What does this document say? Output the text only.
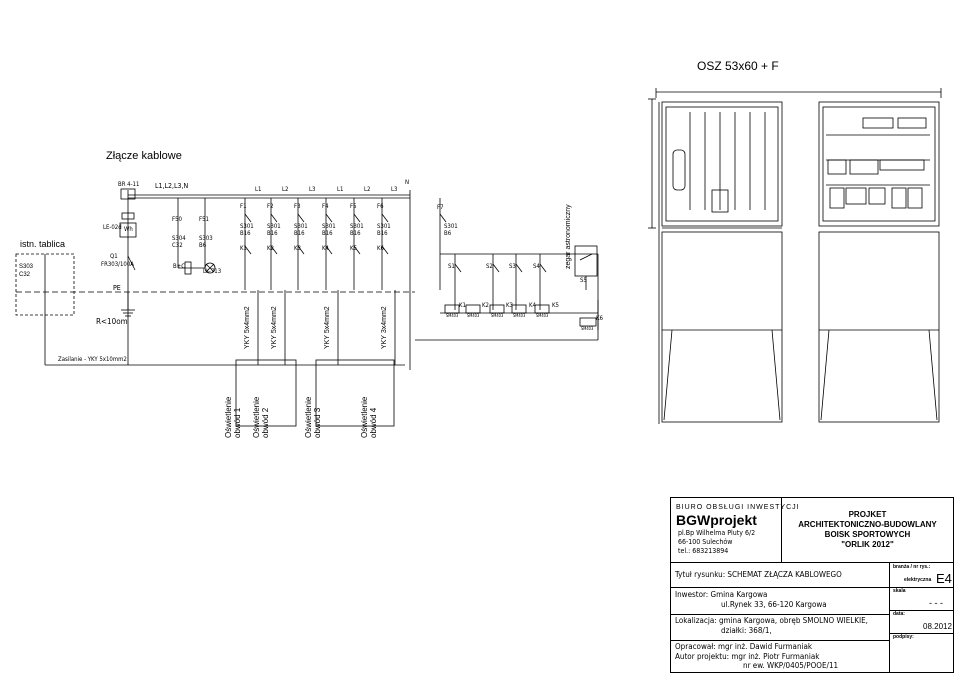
OSZ 53x60 + F
Złącze kablowe
istn. tablica
S303
C32
L1,L2,L3,N
BR 4-11
LE-02d Wh
Q1
FR303/100A
PE
R<10om
Zasilanie - YKY 5x10mm2
F50
S304
C32
F51
S303
B6
B+C
LK-713
L1	L2	L3	L1	L2	L3
N
F1
S301
B16
K1
F2
S301
B16
K2
F3
S301
B16
K3
F4
S301
B16
K4
F5
S301
B16
K5
F6
S301
B16
K6
F7
S301
B6
S1	S2	S3	S4
S5
zegar astronomiczny
K1
SM403
K2
SM403
K3
SM403
K4
SM403
K5
SM403	K6
SM403
YKY 5x4mm2	YKY 5x4mm2	YKY 5x4mm2	YKY 3x4mm2
Oświetlenie obwód 1 Oświetlenie obwód 2	Oświetlenie obwód 3	Oświetlenie obwód 4
BIURO OBSŁUGI INWESTYCJI
BGWprojekt
pl.Bp Wilhelma Pluty 6/2
66-100 Sulechów
tel.: 683213894
PROJKET
ARCHITEKTONICZNO-BUDOWLANY
BOISK SPORTOWYCH
"ORLIK 2012"
Tytuł rysunku: SCHEMAT ZŁĄCZA KABLOWEGO
Inwestor: Gmina Kargowa
ul.Rynek 33, 66-120 Kargowa
Lokalizacja: gmina Kargowa, obręb SMOLNO WIELKIE,
działki: 368/1,
Opracował: mgr inż. Dawid Furmaniak
Autor projektu: mgr inż. Piotr Furmaniak
nr ew. WKP/0405/POOE/11
branża / nr rys.:
elektryczna E4
skala
- - -
data:
08.2012
podpisy:
